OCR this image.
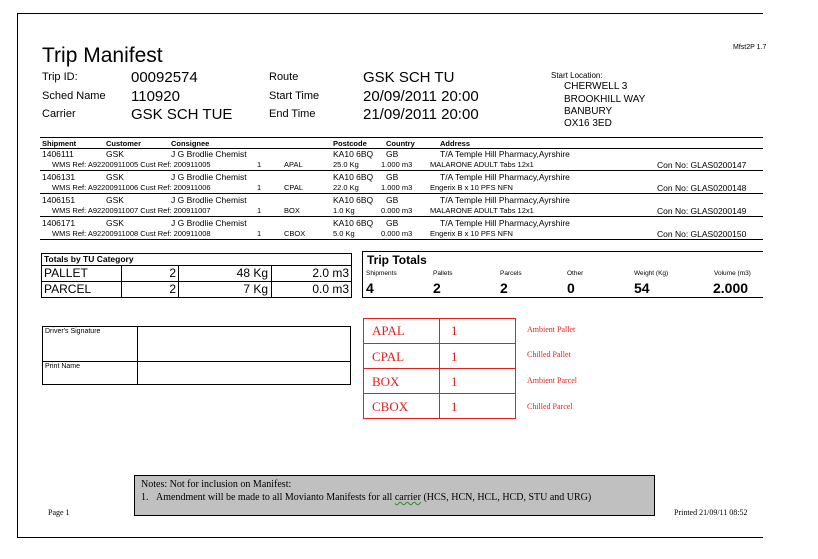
Trip Manifest	Mfst2P 1.7
Trip ID:	00092574
Sched Name 110920
Carrier	GSK SCH TUE
Route	GSK SCH TU
Start Time	20/09/2011 20:00
End Time	21/09/2011 20:00
Start Location:
CHERWELL 3
BROOKHILL WAY
BANBURY
OX16 3ED
Shipment	Customer	Consignee	Postcode	Country	Address
1406111	GSK	J G Brodlie Chemist	KA10 6BQ GB	T/A Temple Hill Pharmacy,Ayrshire
WMS Ref: A92200911005 Cust Ref: 200911005	1	APAL	25.0 Kg	1.000 m3 MALARONE ADULT Tabs 12x1	Con No: GLAS0200147
1406131	GSK	J G Brodlie Chemist	KA10 6BQ GB	T/A Temple Hill Pharmacy,Ayrshire
WMS Ref: A92200911006 Cust Ref: 200911006	1	CPAL	22.0 Kg	1.000 m3 Engerix B x 10 PFS NFN	Con No: GLAS0200148
1406151	GSK	J G Brodlie Chemist	KA10 6BQ GB	T/A Temple Hill Pharmacy,Ayrshire
WMS Ref: A92200911007 Cust Ref: 200911007	1	BOX	1.0 Kg	0.000 m3 MALARONE ADULT Tabs 12x1	Con No: GLAS0200149
1406171	GSK	J G Brodlie Chemist	KA10 6BQ GB	T/A Temple Hill Pharmacy,Ayrshire
WMS Ref: A92200911008 Cust Ref: 200911008	1	CBOX	5.0 Kg	0.000 m3 Engerix B x 10 PFS NFN	Con No: GLAS0200150
Totals by TU Category
PALLET	2	48 Kg	2.0 m3
PARCEL	2	7 Kg	0.0 m3
Trip Totals
Shipments	Pallets	Parcels	Other	Weight (Kg)	Volume (m3)
4	2	2	0	54	2.000
Driver's Signature
Print Name
APAL	1	Ambient Pallet
CPAL	1	Chilled Pallet
BOX	1	Ambient Parcel
CBOX	1	Chilled Parcel
Notes: Not for inclusion on Manifest:
1. Amendment will be made to all Movianto Manifests for all carrier (HCS, HCN, HCL, HCD, STU and URG)
Page 1	Printed 21/09/11 08:52
